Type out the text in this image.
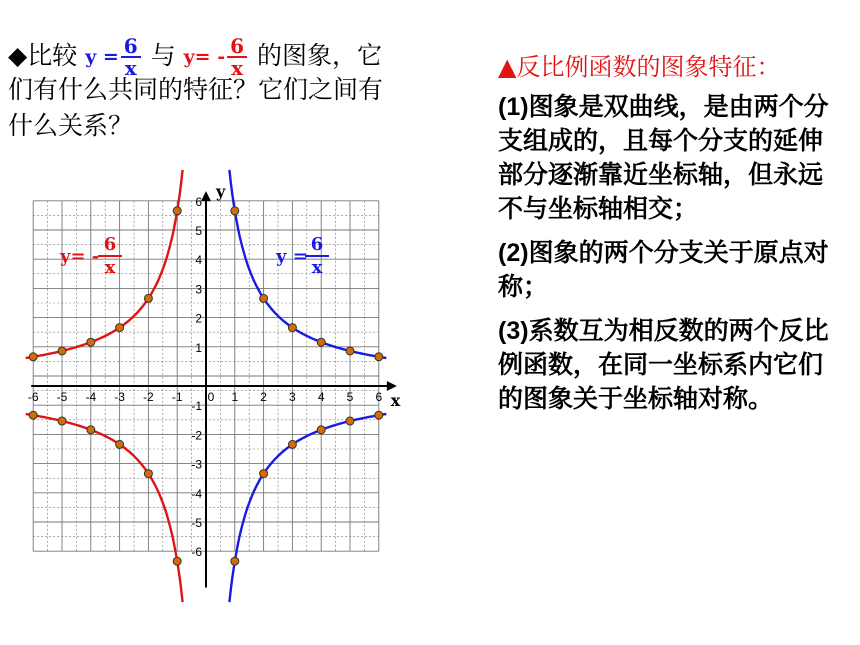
◆比较 $y = \frac{6}{x}$ 与 $y= - \frac{6}{x}$ 的图象，它
们有什么共同的特征？它们之间有
什么关系？
▲反比例函数的图象特征：

(1)图象是双曲线，是由两个分支组成的，且每个分支的延伸部分逐渐靠近坐标轴，但永远不与坐标轴相交；

(2)图象的两个分支关于原点对称；

(3)系数互为相反数的两个反比例函数，在同一坐标系内它们的图象关于坐标轴对称。

x
y
-6 -5 -4 -3 -2 -1 0 1 2 3 4 5 6
-6
-5
-4
-3
-2
-1
1
2
3
4
5
6
y= -
6
x
y =
6
x
